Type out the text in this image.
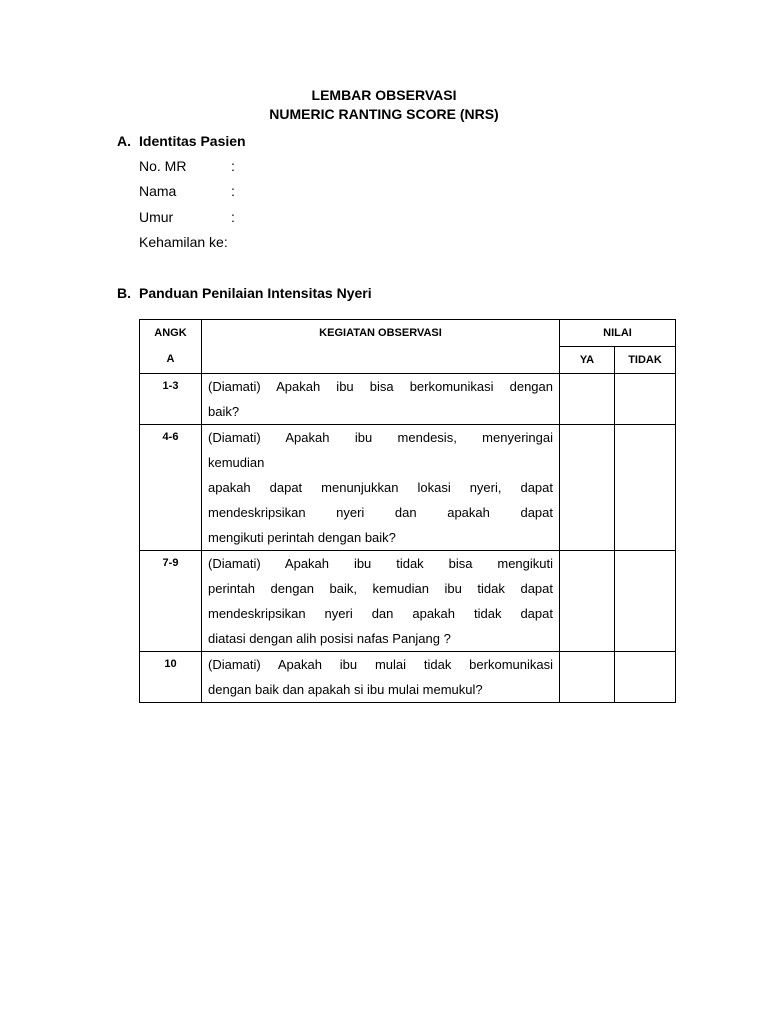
LEMBAR OBSERVASI
NUMERIC RANTING SCORE (NRS)
A. Identitas Pasien
No. MR	:
Nama	:
Umur	:
Kehamilan ke:
B. Panduan Penilaian Intensitas Nyeri
ANGK
A	KEGIATAN OBSERVASI	NILAI	
		YA	TIDAK
1-3	(Diamati) Apakah ibu bisa berkomunikasi dengan
baik?		

4-6	(Diamati) Apakah ibu mendesis, menyeringai
kemudian
apakah dapat menunjukkan lokasi nyeri, dapat
mendeskripsikan nyeri dan apakah dapat
mengikuti perintah dengan baik?		

7-9	(Diamati) Apakah ibu tidak bisa mengikuti
perintah dengan baik, kemudian ibu tidak dapat
mendeskripsikan nyeri dan apakah tidak dapat
diatasi dengan alih posisi nafas Panjang ?		

10	(Diamati) Apakah ibu mulai tidak berkomunikasi
dengan baik dan apakah si ibu mulai memukul?		
